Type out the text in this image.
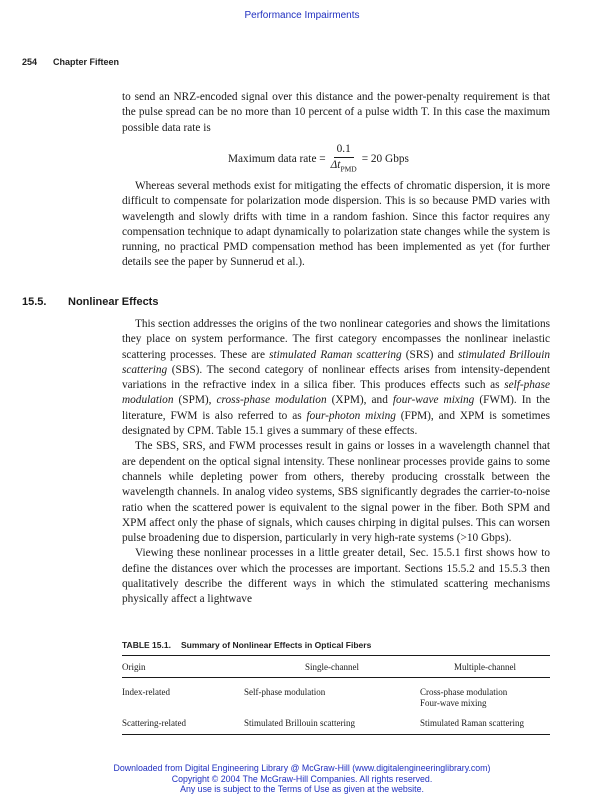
Performance Impairments
254 Chapter Fifteen

to send an NRZ-encoded signal over this distance and the power-penalty requirement is that the pulse spread can be no more than 10 percent of a pulse width T. In this case the maximum possible data rate is

Maximum data rate = $\frac{0.1}{\Delta t_{PMD}} = 20$ Gbps

Whereas several methods exist for mitigating the effects of chromatic dispersion, it is more difficult to compensate for polarization mode dispersion. This is so because PMD varies with wavelength and slowly drifts with time in a random fashion. Since this factor requires any compensation technique to adapt dynamically to polarization state changes while the system is running, no practical PMD compensation method has been implemented as yet (for further details see the paper by Sunnerud et al.).

15.5. Nonlinear Effects

This section addresses the origins of the two nonlinear categories and shows the limitations they place on system performance. The first category encompasses the nonlinear inelastic scattering processes. These are stimulated Raman scattering (SRS) and stimulated Brillouin scattering (SBS). The second category of nonlinear effects arises from intensity-dependent variations in the refractive index in a silica fiber. This produces effects such as self-phase modulation (SPM), cross-phase modulation (XPM), and four-wave mixing (FWM). In the literature, FWM is also referred to as four-photon mixing (FPM), and XPM is sometimes designated by CPM. Table 15.1 gives a summary of these effects.

The SBS, SRS, and FWM processes result in gains or losses in a wavelength channel that are dependent on the optical signal intensity. These nonlinear processes provide gains to some channels while depleting power from others, thereby producing crosstalk between the wavelength channels. In analog video systems, SBS significantly degrades the carrier-to-noise ratio when the scattered power is equivalent to the signal power in the fiber. Both SPM and XPM affect only the phase of signals, which causes chirping in digital pulses. This can worsen pulse broadening due to dispersion, particularly in very high-rate systems (>10 Gbps).

Viewing these nonlinear processes in a little greater detail, Sec. 15.5.1 first shows how to define the distances over which the processes are important. Sections 15.5.2 and 15.5.3 then qualitatively describe the different ways in which the stimulated scattering mechanisms physically affect a lightwave

TABLE 15.1. Summary of Nonlinear Effects in Optical Fibers
Origin	Single-channel	Multiple-channel
Index-related	Self-phase modulation	Cross-phase modulation
Four-wave mixing

Scattering-related	Stimulated Brillouin scattering	Stimulated Raman scattering
Downloaded from Digital Engineering Library @ McGraw-Hill (www.digitalengineeringlibrary.com)
Copyright © 2004 The McGraw-Hill Companies. All rights reserved.
Any use is subject to the Terms of Use as given at the website.
